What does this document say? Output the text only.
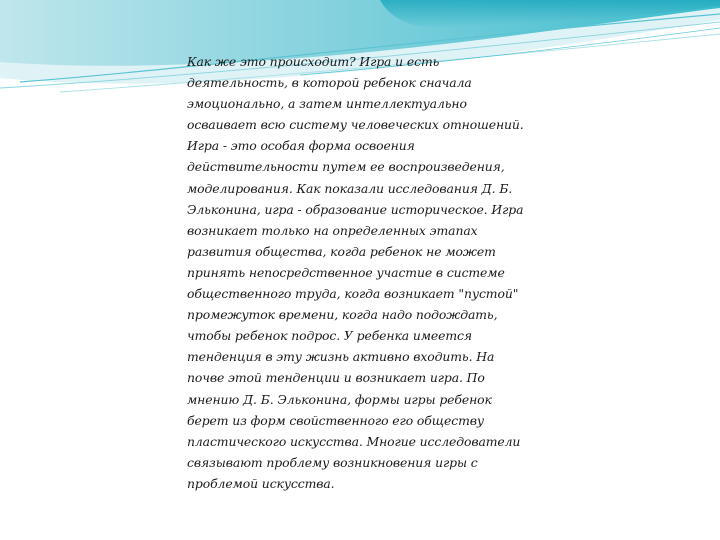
Как же это происходит? Игра и есть
деятельность, в которой ребенок сначала
эмоционально, а затем интеллектуально
осваивает всю систему человеческих отношений.
Игра - это особая форма освоения
действительности путем ее воспроизведения,
моделирования. Как показали исследования Д. Б.
Эльконина, игра - образование историческое. Игра
возникает только на определенных этапах
развития общества, когда ребенок не может
принять непосредственное участие в системе
общественного труда, когда возникает "пустой"
промежуток времени, когда надо подождать,
чтобы ребенок подрос. У ребенка имеется
тенденция в эту жизнь активно входить. На
почве этой тенденции и возникает игра. По
мнению Д. Б. Эльконина, формы игры ребенок
берет из форм свойственного его обществу
пластического искусства. Многие исследователи
связывают проблему возникновения игры с
проблемой искусства.
